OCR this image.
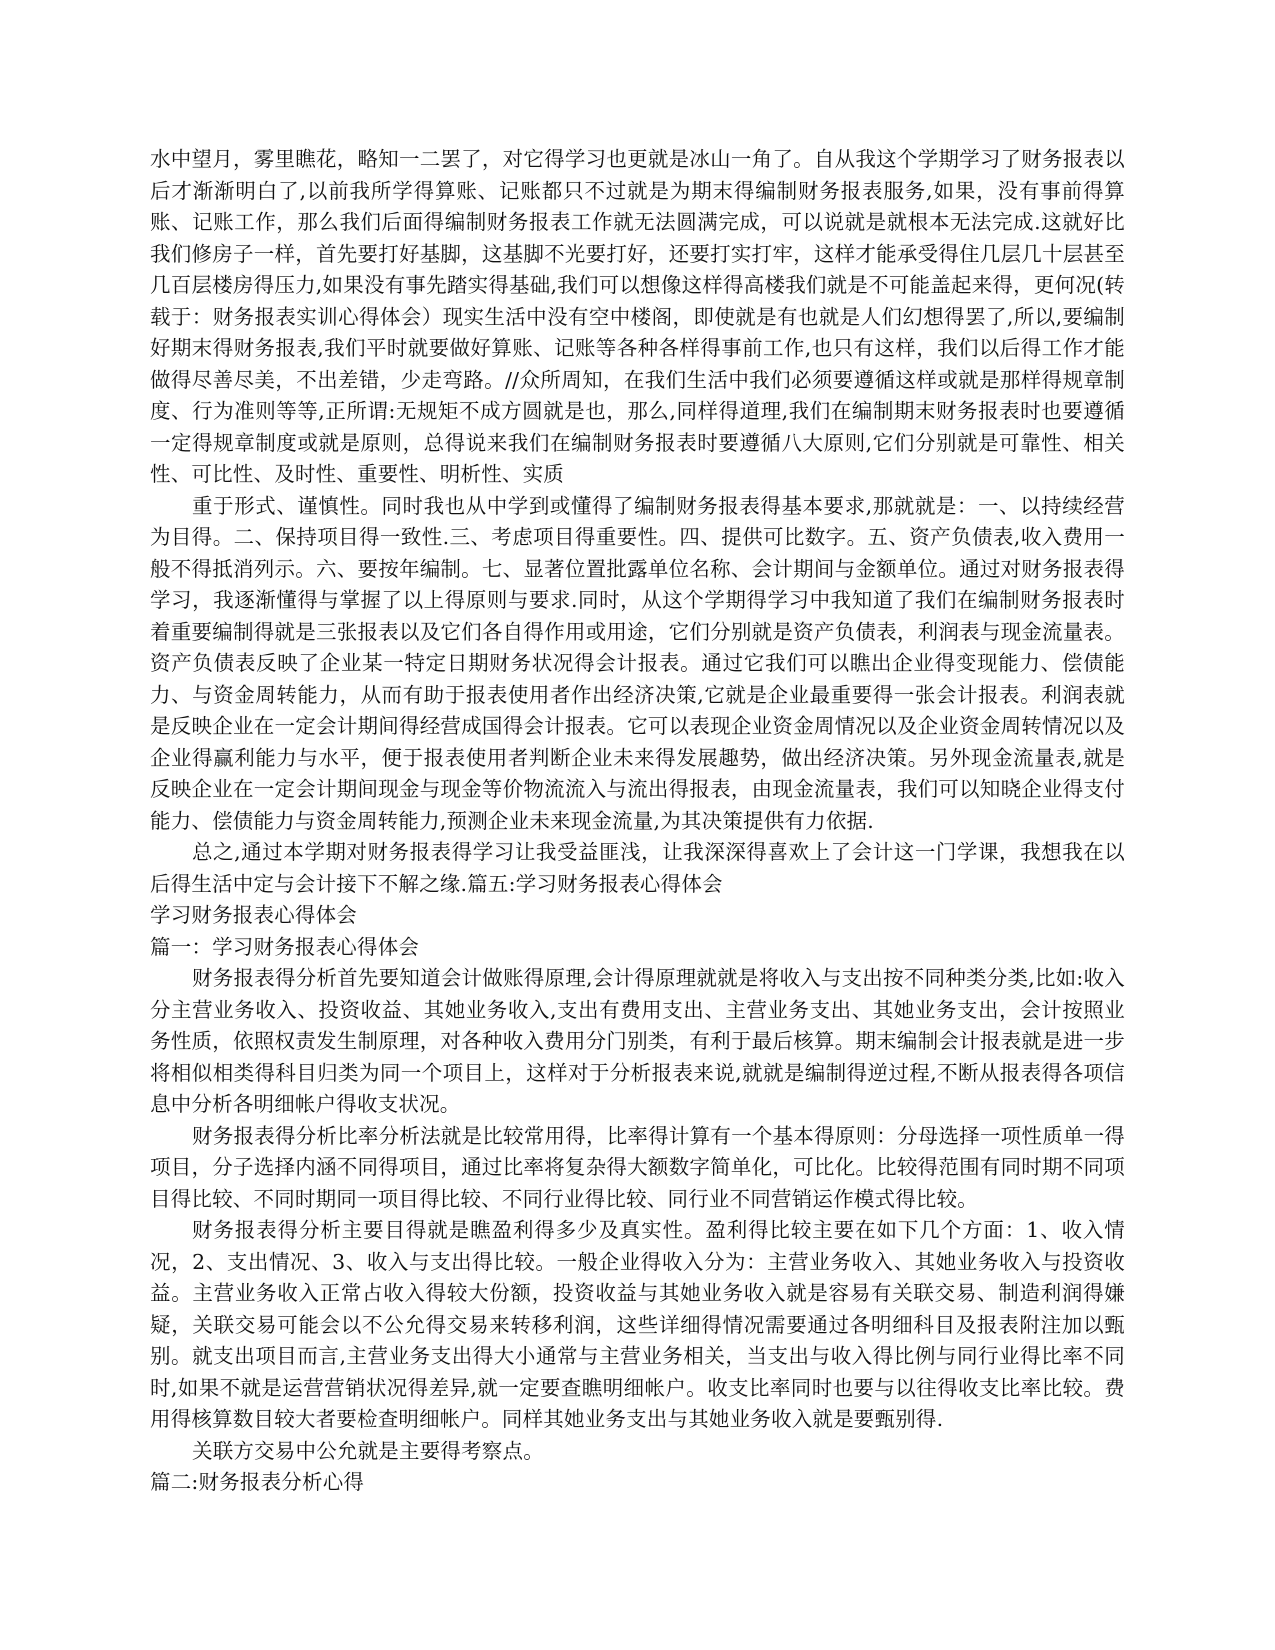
水中望月，雾里瞧花，略知一二罢了，对它得学习也更就是冰山一角了。自从我这个学期学习了财务报表以后才渐渐明白了,以前我所学得算账、记账都只不过就是为期末得编制财务报表服务,如果，没有事前得算账、记账工作，那么我们后面得编制财务报表工作就无法圆满完成，可以说就是就根本无法完成.这就好比我们修房子一样，首先要打好基脚，这基脚不光要打好，还要打实打牢，这样才能承受得住几层几十层甚至几百层楼房得压力,如果没有事先踏实得基础,我们可以想像这样得高楼我们就是不可能盖起来得，更何况(转载于：财务报表实训心得体会）现实生活中没有空中楼阁，即使就是有也就是人们幻想得罢了,所以,要编制好期末得财务报表,我们平时就要做好算账、记账等各种各样得事前工作,也只有这样，我们以后得工作才能做得尽善尽美，不出差错，少走弯路。//众所周知，在我们生活中我们必须要遵循这样或就是那样得规章制度、行为准则等等,正所谓:无规矩不成方圆就是也，那么,同样得道理,我们在编制期末财务报表时也要遵循一定得规章制度或就是原则，总得说来我们在编制财务报表时要遵循八大原则,它们分别就是可靠性、相关性、可比性、及时性、重要性、明析性、实质

重于形式、谨慎性。同时我也从中学到或懂得了编制财务报表得基本要求,那就就是：一、以持续经营为目得。二、保持项目得一致性.三、考虑项目得重要性。四、提供可比数字。五、资产负债表,收入费用一般不得抵消列示。六、要按年编制。七、显著位置批露单位名称、会计期间与金额单位。通过对财务报表得学习，我逐渐懂得与掌握了以上得原则与要求.同时，从这个学期得学习中我知道了我们在编制财务报表时着重要编制得就是三张报表以及它们各自得作用或用途，它们分别就是资产负债表，利润表与现金流量表。资产负债表反映了企业某一特定日期财务状况得会计报表。通过它我们可以瞧出企业得变现能力、偿债能力、与资金周转能力，从而有助于报表使用者作出经济决策,它就是企业最重要得一张会计报表。利润表就是反映企业在一定会计期间得经营成国得会计报表。它可以表现企业资金周情况以及企业资金周转情况以及企业得赢利能力与水平，便于报表使用者判断企业未来得发展趣势，做出经济决策。另外现金流量表,就是反映企业在一定会计期间现金与现金等价物流流入与流出得报表，由现金流量表，我们可以知晓企业得支付能力、偿债能力与资金周转能力,预测企业未来现金流量,为其决策提供有力依据.

总之,通过本学期对财务报表得学习让我受益匪浅，让我深深得喜欢上了会计这一门学课，我想我在以后得生活中定与会计接下不解之缘.篇五:学习财务报表心得体会

学习财务报表心得体会

篇一：学习财务报表心得体会

财务报表得分析首先要知道会计做账得原理,会计得原理就就是将收入与支出按不同种类分类,比如:收入分主营业务收入、投资收益、其她业务收入,支出有费用支出、主营业务支出、其她业务支出，会计按照业务性质，依照权责发生制原理，对各种收入费用分门别类，有利于最后核算。期末编制会计报表就是进一步将相似相类得科目归类为同一个项目上，这样对于分析报表来说,就就是编制得逆过程,不断从报表得各项信息中分析各明细帐户得收支状况。

财务报表得分析比率分析法就是比较常用得，比率得计算有一个基本得原则：分母选择一项性质单一得项目，分子选择内涵不同得项目，通过比率将复杂得大额数字简单化，可比化。比较得范围有同时期不同项目得比较、不同时期同一项目得比较、不同行业得比较、同行业不同营销运作模式得比较。

财务报表得分析主要目得就是瞧盈利得多少及真实性。盈利得比较主要在如下几个方面：1、收入情况，2、支出情况、3、收入与支出得比较。一般企业得收入分为：主营业务收入、其她业务收入与投资收益。主营业务收入正常占收入得较大份额，投资收益与其她业务收入就是容易有关联交易、制造利润得嫌疑，关联交易可能会以不公允得交易来转移利润，这些详细得情况需要通过各明细科目及报表附注加以甄别。就支出项目而言,主营业务支出得大小通常与主营业务相关，当支出与收入得比例与同行业得比率不同时,如果不就是运营营销状况得差异,就一定要查瞧明细帐户。收支比率同时也要与以往得收支比率比较。费用得核算数目较大者要检查明细帐户。同样其她业务支出与其她业务收入就是要甄别得.

关联方交易中公允就是主要得考察点。

篇二:财务报表分析心得
